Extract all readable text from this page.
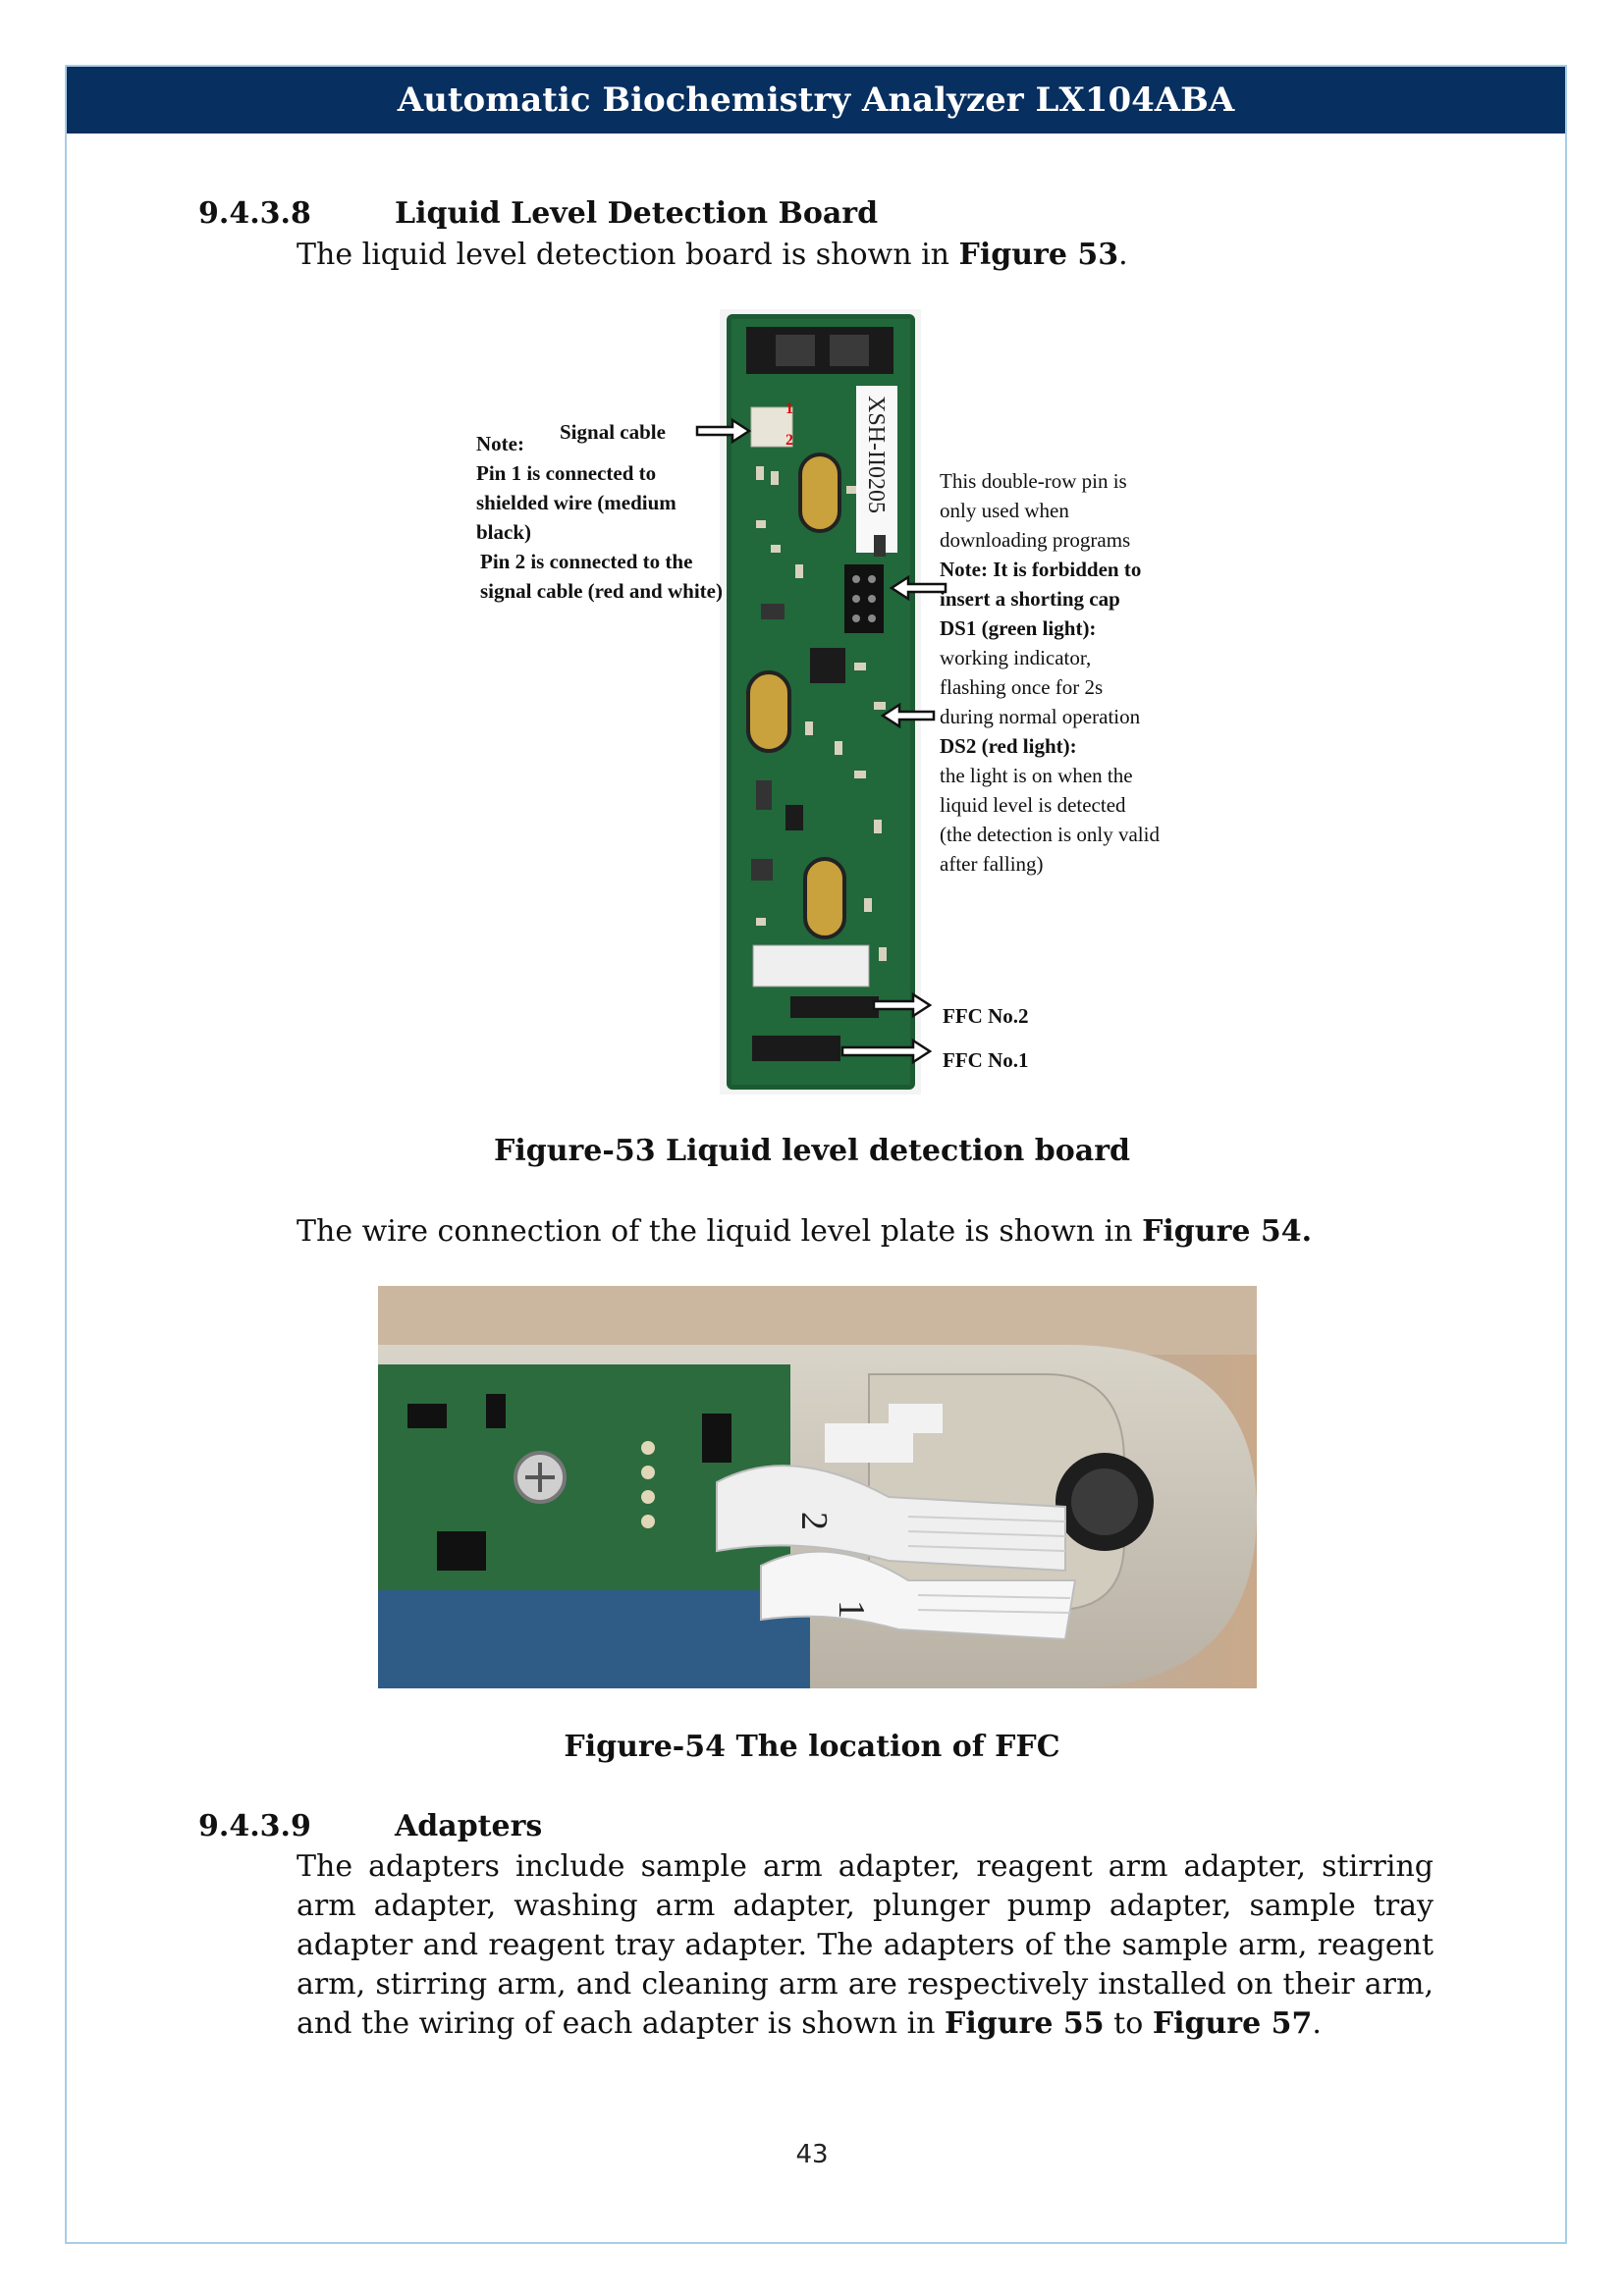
Automatic Biochemistry Analyzer LX104ABA
9.4.3.8	Liquid Level Detection Board
The liquid level detection board is shown in Figure 53.
1
2	XSH-II0205
Signal cable
Note:
Pin 1 is connected to shielded wire (medium black)
Pin 2 is connected to the signal cable (red and white)
This double-row pin is only used when downloading programs
Note: It is forbidden to insert a shorting cap
DS1 (green light):
working indicator, flashing once for 2s during normal operation
DS2 (red light):
the light is on when the liquid level is detected (the detection is only valid after falling)
FFC No.2
FFC No.1
Figure-53 Liquid level detection board
The wire connection of the liquid level plate is shown in Figure 54.
2
1
Figure-54 The location of FFC
9.4.3.9	Adapters
The adapters include sample arm adapter, reagent arm adapter, stirring arm adapter, washing arm adapter, plunger pump adapter, sample tray adapter and reagent tray adapter. The adapters of the sample arm, reagent arm, stirring arm, and cleaning arm are respectively installed on their arm, and the wiring of each adapter is shown in Figure 55 to Figure 57.
43
